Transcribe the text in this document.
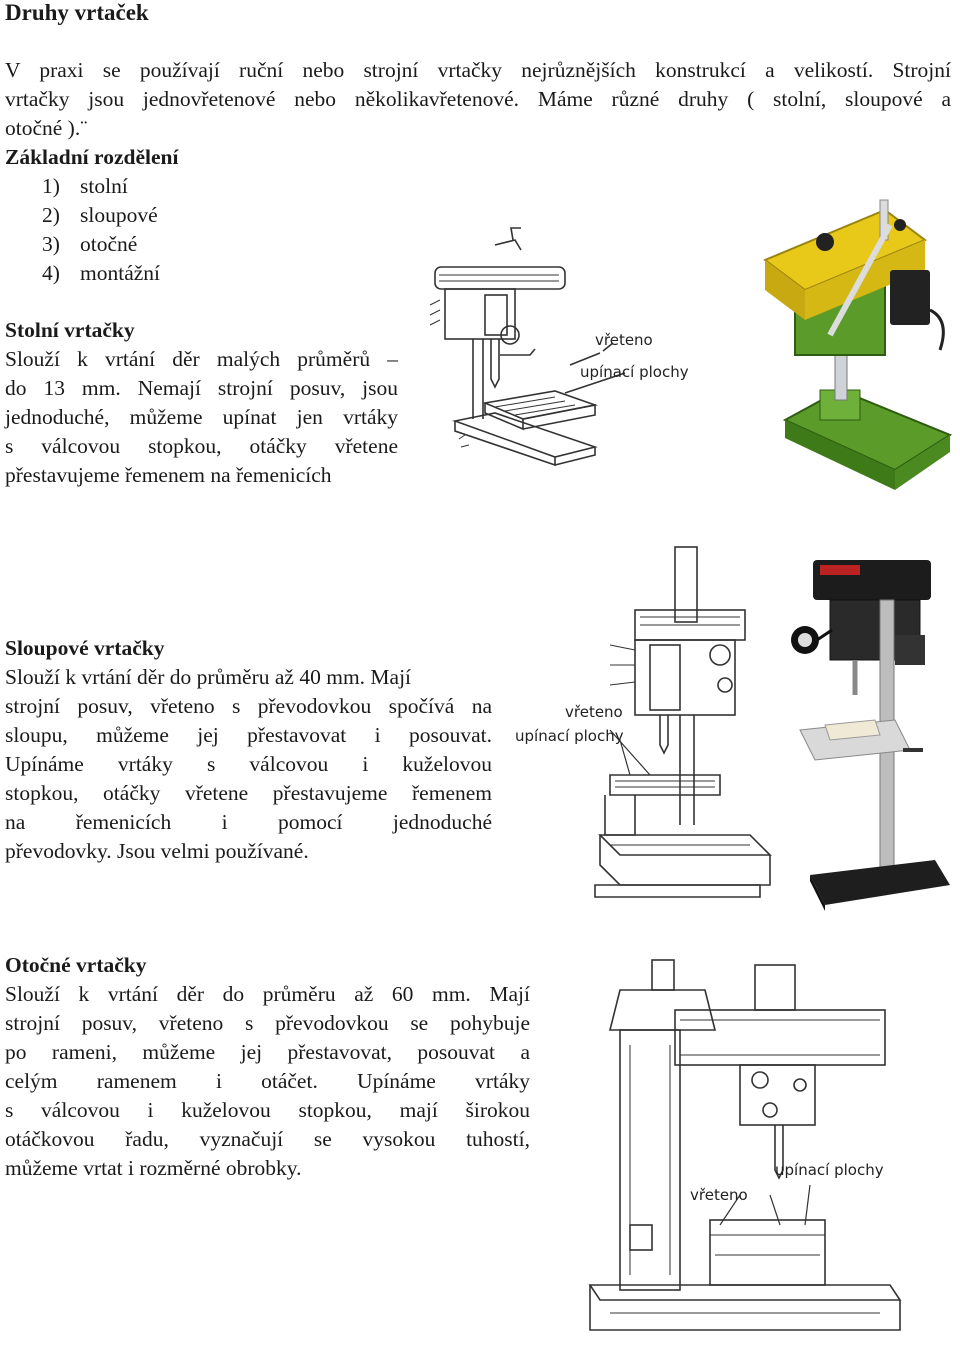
Druhy vrtaček
V praxi se používají ruční nebo strojní vrtačky nejrůznějších konstrukcí a velikostí. Strojní
vrtačky jsou jednovřetenové nebo několikavřetenové. Máme různé druhy ( stolní, sloupové a
otočné ).¨
Základní rozdělení
1) stolní
2) sloupové
3) otočné
4) montážní
Stolní vrtačky
Slouží k vrtání děr malých průměrů –
do 13 mm. Nemají strojní posuv, jsou
jednoduché, můžeme upínat jen vrtáky
s válcovou stopkou, otáčky vřetene
přestavujeme řemenem na řemenicích
vřeteno
upínací plochy
Sloupové vrtačky
Slouží k vrtání děr do průměru až 40 mm. Mají
strojní posuv, vřeteno s převodovkou spočívá na
sloupu, můžeme jej přestavovat i posouvat.
Upínáme vrtáky s válcovou i kuželovou
stopkou, otáčky vřetene přestavujeme řemenem
na řemenicích i pomocí jednoduché
převodovky. Jsou velmi používané.
vřeteno
upínací plochy
Otočné vrtačky
Slouží k vrtání děr do průměru až 60 mm. Mají
strojní posuv, vřeteno s převodovkou se pohybuje
po rameni, můžeme jej přestavovat, posouvat a
celým ramenem i otáčet. Upínáme vrtáky
s válcovou i kuželovou stopkou, mají širokou
otáčkovou řadu, vyznačují se vysokou tuhostí,
můžeme vrtat i rozměrné obrobky.	upínací plochy
vřeteno
